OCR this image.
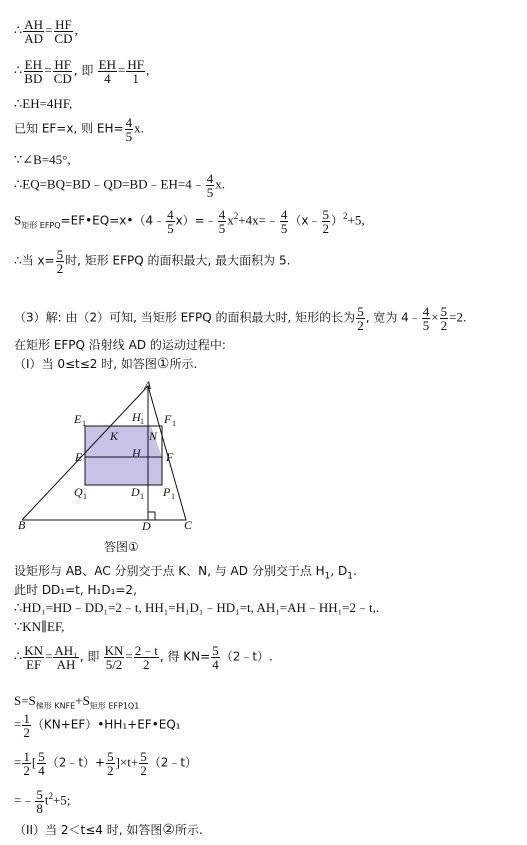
∴ $\frac{AH}{AD} = \frac{HF}{CD}$ ,
∴ $\frac{EH}{BD} = \frac{HF}{CD}$ , 即 $\frac{EH}{4} = \frac{HF}{1}$ ,
∴EH=4HF,
已知 EF=x, 则 $EH= \frac{4}{5} x$.
∵∠B=45°,
∴EQ=BQ=BD﹣QD=BD﹣EH=4﹣ $\frac{4}{5} x$.
$S_{矩形 EFPQ}=EF•EQ=x•(4﹣ \frac{4}{5}$ x）=﹣ $\frac{4}{5}$ $x^2+4x=﹣ \frac{4}{5}$ （x﹣ $\frac{5}{2} )^2+5$,
∴当 $x= \frac{5}{2}$ 时, 矩形 EFPQ 的面积最大, 最大面积为 5.
（3）解: 由（2）可知, 当矩形 EFPQ 的面积最大时, 矩形的长为 $\frac{5}{2}$ , 宽为 4﹣ $\frac{4}{5} \times \frac{5}{2} =2$.
在矩形 EFPQ 沿射线 AD 的运动过程中:
（I）当 0≤t≤2 时, 如答图①所示.
A
B	C
D
E	F
E 1	F 1
H 1
K	N
H
Q 1	D 1 P 1
答图①
设矩形与 AB、AC 分别交于点 K、N, 与 AD 分别交于点 $H_1$, $D_1$.
此时 DD₁=t, H₁D₁=2,
∴HD₁=HD﹣DD₁=2﹣t, HH₁=H₁D₁﹣HD₁=t, AH₁=AH﹣HH₁=2﹣t,.
∵KN∥EF,
∴ $\frac{KN}{EF} = \frac{\text{AH₁}}{AH}$ , 即 $\frac{KN}{5/2} = \frac{2﹣t}{2}$ , 得 $KN= \frac{5}{4}$ （2﹣t）.
$S=S_{梯形 KNFE}+S_{矩形 EFP1Q1}$
= $\frac{1}{2}$ （KN+EF）•HH₁+EF•EQ₁
= $\frac{1}{2}$ [ $\frac{5}{4}$ （2﹣t）+ $\frac{5}{2} ]\times t+ \frac{5}{2}$ （2﹣t）
=﹣ $\frac{5}{8} t^2+5$;
（II）当 2＜t≤4 时, 如答图②所示.
